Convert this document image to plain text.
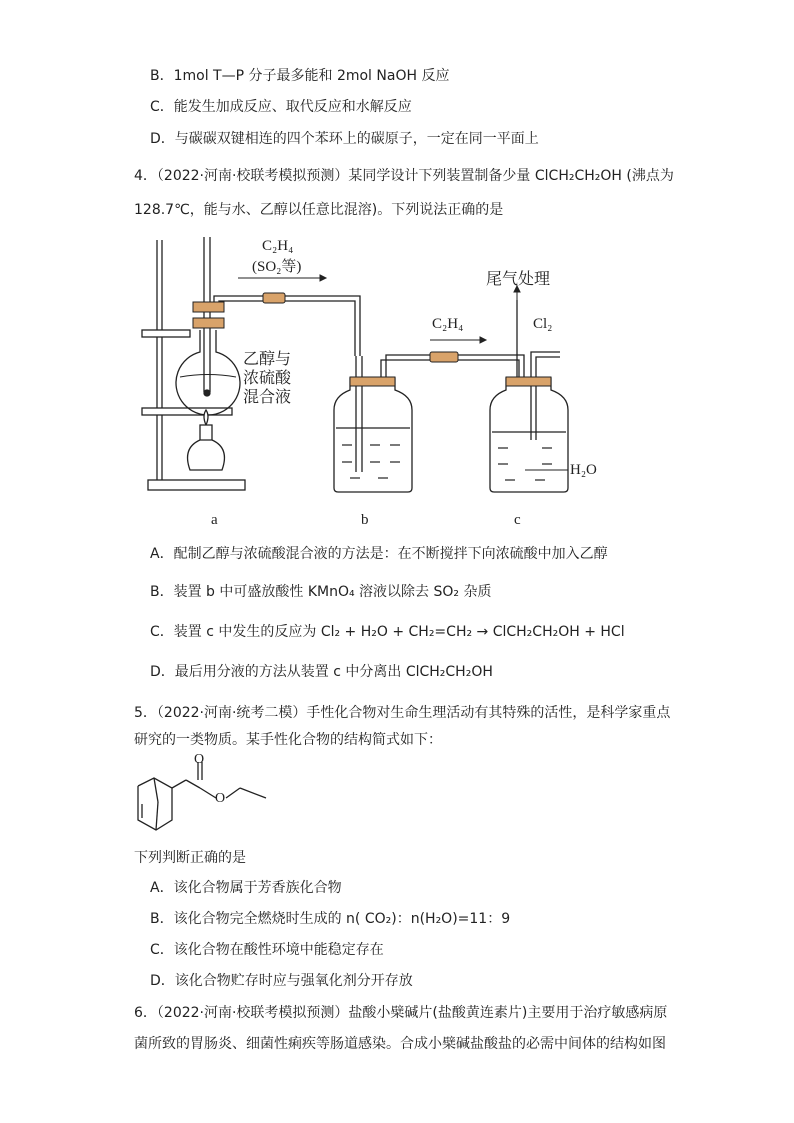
B．1mol T—P 分子最多能和 2mol NaOH 反应
C．能发生加成反应、取代反应和水解反应
D．与碳碳双键相连的四个苯环上的碳原子，一定在同一平面上
4．（2022·河南·校联考模拟预测）某同学设计下列装置制备少量 ClCH₂CH₂OH (沸点为
128.7℃，能与水、乙醇以任意比混溶)。下列说法正确的是
C₂H₄
(SO₂等)
乙醇与
浓硫酸
混合液
C₂H₄
尾气处理
Cl₂
H₂O
a	b	c
A．配制乙醇与浓硫酸混合液的方法是：在不断搅拌下向浓硫酸中加入乙醇
B．装置 b 中可盛放酸性 KMnO₄ 溶液以除去 SO₂ 杂质
C．装置 c 中发生的反应为 Cl₂ + H₂O + CH₂=CH₂ → ClCH₂CH₂OH + HCl
D．最后用分液的方法从装置 c 中分离出 ClCH₂CH₂OH
5．（2022·河南·统考二模）手性化合物对生命生理活动有其特殊的活性，是科学家重点
研究的一类物质。某手性化合物的结构简式如下：
O
O
下列判断正确的是
A．该化合物属于芳香族化合物
B．该化合物完全燃烧时生成的 n( CO₂)：n(H₂O)=11：9
C．该化合物在酸性环境中能稳定存在
D．该化合物贮存时应与强氧化剂分开存放
6．（2022·河南·校联考模拟预测）盐酸小檗碱片(盐酸黄连素片)主要用于治疗敏感病原
菌所致的胃肠炎、细菌性痢疾等肠道感染。合成小檗碱盐酸盐的必需中间体的结构如图
